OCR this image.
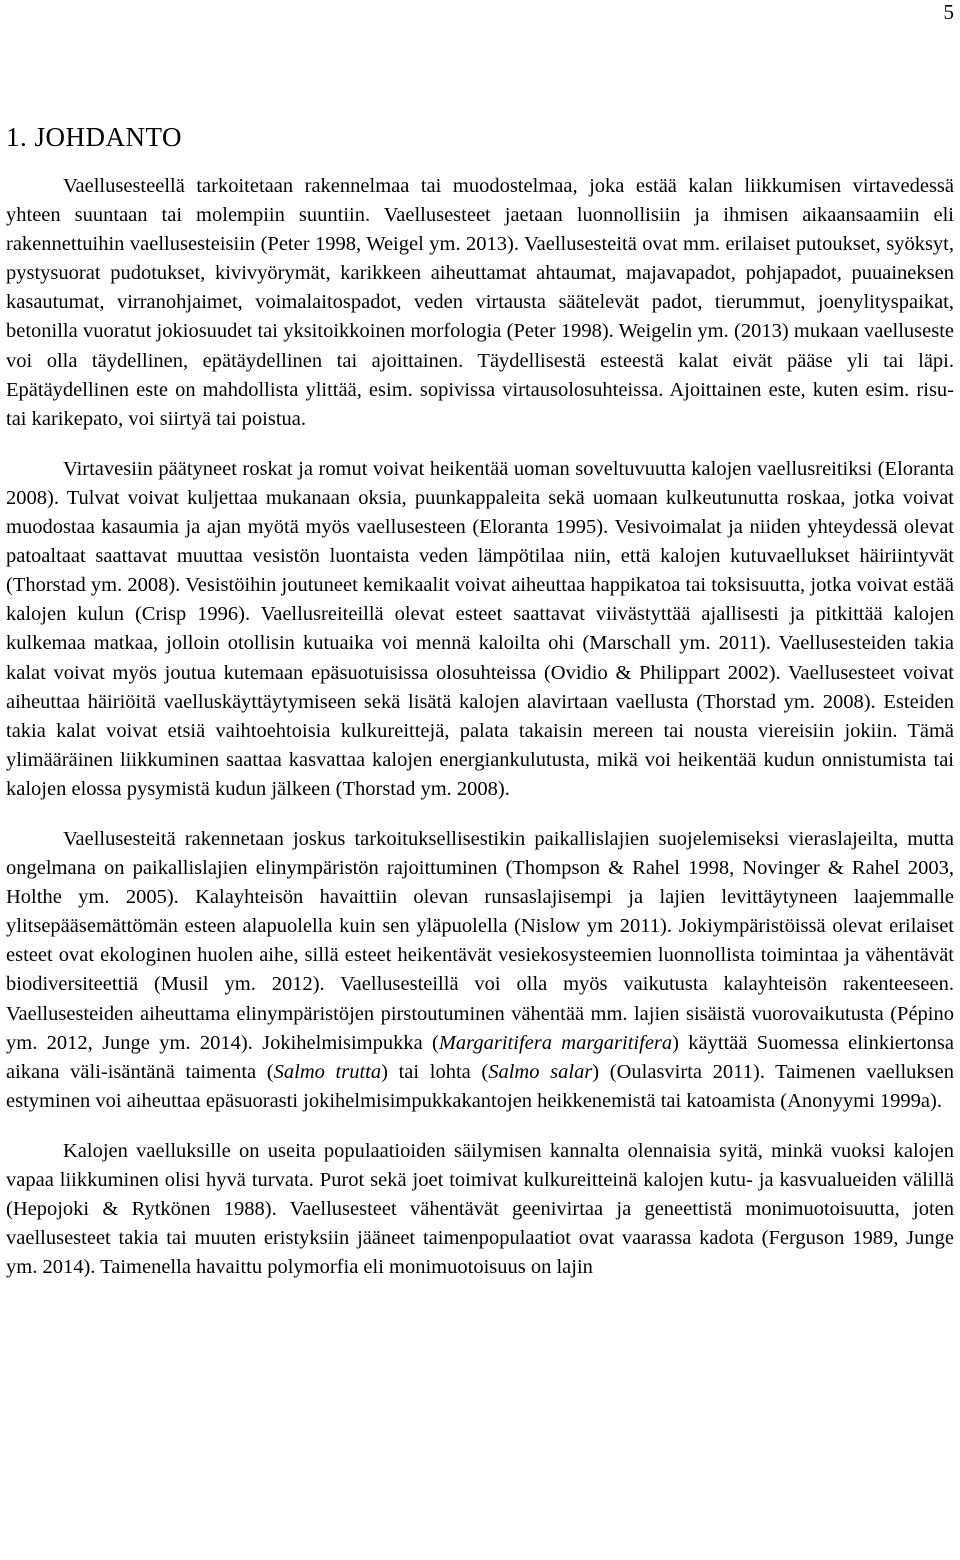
5
1. JOHDANTO

Vaellusesteellä tarkoitetaan rakennelmaa tai muodostelmaa, joka estää kalan liikkumisen virtavedessä yhteen suuntaan tai molempiin suuntiin. Vaellusesteet jaetaan luonnollisiin ja ihmisen aikaansaamiin eli rakennettuihin vaellusesteisiin (Peter 1998, Weigel ym. 2013). Vaellusesteitä ovat mm. erilaiset putoukset, syöksyt, pystysuorat pudotukset, kivivyörymät, karikkeen aiheuttamat ahtaumat, majavapadot, pohjapadot, puuaineksen kasautumat, virranohjaimet, voimalaitospadot, veden virtausta säätelevät padot, tierummut, joenylityspaikat, betonilla vuoratut jokiosuudet tai yksitoikkoinen morfologia (Peter 1998). Weigelin ym. (2013) mukaan vaelluseste voi olla täydellinen, epätäydellinen tai ajoittainen. Täydellisestä esteestä kalat eivät pääse yli tai läpi. Epätäydellinen este on mahdollista ylittää, esim. sopivissa virtausolosuhteissa. Ajoittainen este, kuten esim. risu- tai karikepato, voi siirtyä tai poistua.

Virtavesiin päätyneet roskat ja romut voivat heikentää uoman soveltuvuutta kalojen vaellusreitiksi (Eloranta 2008). Tulvat voivat kuljettaa mukanaan oksia, puunkappaleita sekä uomaan kulkeutunutta roskaa, jotka voivat muodostaa kasaumia ja ajan myötä myös vaellusesteen (Eloranta 1995). Vesivoimalat ja niiden yhteydessä olevat patoaltaat saattavat muuttaa vesistön luontaista veden lämpötilaa niin, että kalojen kutuvaellukset häiriintyvät (Thorstad ym. 2008). Vesistöihin joutuneet kemikaalit voivat aiheuttaa happikatoa tai toksisuutta, jotka voivat estää kalojen kulun (Crisp 1996). Vaellusreiteillä olevat esteet saattavat viivästyttää ajallisesti ja pitkittää kalojen kulkemaa matkaa, jolloin otollisin kutuaika voi mennä kaloilta ohi (Marschall ym. 2011). Vaellusesteiden takia kalat voivat myös joutua kutemaan epäsuotuisissa olosuhteissa (Ovidio & Philippart 2002). Vaellusesteet voivat aiheuttaa häiriöitä vaelluskäyttäytymiseen sekä lisätä kalojen alavirtaan vaellusta (Thorstad ym. 2008). Esteiden takia kalat voivat etsiä vaihtoehtoisia kulkureittejä, palata takaisin mereen tai nousta viereisiin jokiin. Tämä ylimääräinen liikkuminen saattaa kasvattaa kalojen energiankulutusta, mikä voi heikentää kudun onnistumista tai kalojen elossa pysymistä kudun jälkeen (Thorstad ym. 2008).

Vaellusesteitä rakennetaan joskus tarkoituksellisestikin paikallislajien suojelemiseksi vieraslajeilta, mutta ongelmana on paikallislajien elinympäristön rajoittuminen (Thompson & Rahel 1998, Novinger & Rahel 2003, Holthe ym. 2005). Kalayhteisön havaittiin olevan runsaslajisempi ja lajien levittäytyneen laajemmalle ylitsepääsemättömän esteen alapuolella kuin sen yläpuolella (Nislow ym 2011). Jokiympäristöissä olevat erilaiset esteet ovat ekologinen huolen aihe, sillä esteet heikentävät vesiekosysteemien luonnollista toimintaa ja vähentävät biodiversiteettiä (Musil ym. 2012). Vaellusesteillä voi olla myös vaikutusta kalayhteisön rakenteeseen. Vaellusesteiden aiheuttama elinympäristöjen pirstoutuminen vähentää mm. lajien sisäistä vuorovaikutusta (Pépino ym. 2012, Junge ym. 2014). Jokihelmisimpukka (Margaritifera margaritifera) käyttää Suomessa elinkiertonsa aikana väli-isäntänä taimenta (Salmo trutta) tai lohta (Salmo salar) (Oulasvirta 2011). Taimenen vaelluksen estyminen voi aiheuttaa epäsuorasti jokihelmisimpukkakantojen heikkenemistä tai katoamista (Anonyymi 1999a).

Kalojen vaelluksille on useita populaatioiden säilymisen kannalta olennaisia syitä, minkä vuoksi kalojen vapaa liikkuminen olisi hyvä turvata. Purot sekä joet toimivat kulkureitteinä kalojen kutu- ja kasvualueiden välillä (Hepojoki & Rytkönen 1988). Vaellusesteet vähentävät geenivirtaa ja geneettistä monimuotoisuutta, joten vaellusesteet takia tai muuten eristyksiin jääneet taimenpopulaatiot ovat vaarassa kadota (Ferguson 1989, Junge ym. 2014). Taimenella havaittu polymorfia eli monimuotoisuus on lajin
